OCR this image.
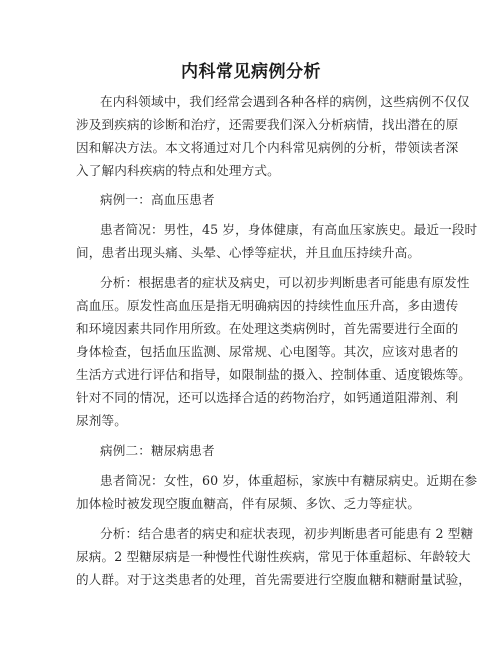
内科常见病例分析
在内科领域中，我们经常会遇到各种各样的病例，这些病例不仅仅
涉及到疾病的诊断和治疗，还需要我们深入分析病情，找出潜在的原
因和解决方法。本文将通过对几个内科常见病例的分析，带领读者深
入了解内科疾病的特点和处理方式。
病例一：高血压患者
患者简况：男性，45 岁，身体健康，有高血压家族史。最近一段时
间，患者出现头痛、头晕、心悸等症状，并且血压持续升高。
分析：根据患者的症状及病史，可以初步判断患者可能患有原发性
高血压。原发性高血压是指无明确病因的持续性血压升高，多由遗传
和环境因素共同作用所致。在处理这类病例时，首先需要进行全面的
身体检查，包括血压监测、尿常规、心电图等。其次，应该对患者的
生活方式进行评估和指导，如限制盐的摄入、控制体重、适度锻炼等。
针对不同的情况，还可以选择合适的药物治疗，如钙通道阻滞剂、利
尿剂等。
病例二：糖尿病患者
患者简况：女性，60 岁，体重超标，家族中有糖尿病史。近期在参
加体检时被发现空腹血糖高，伴有尿频、多饮、乏力等症状。
分析：结合患者的病史和症状表现，初步判断患者可能患有 2 型糖
尿病。2 型糖尿病是一种慢性代谢性疾病，常见于体重超标、年龄较大
的人群。对于这类患者的处理，首先需要进行空腹血糖和糖耐量试验，
